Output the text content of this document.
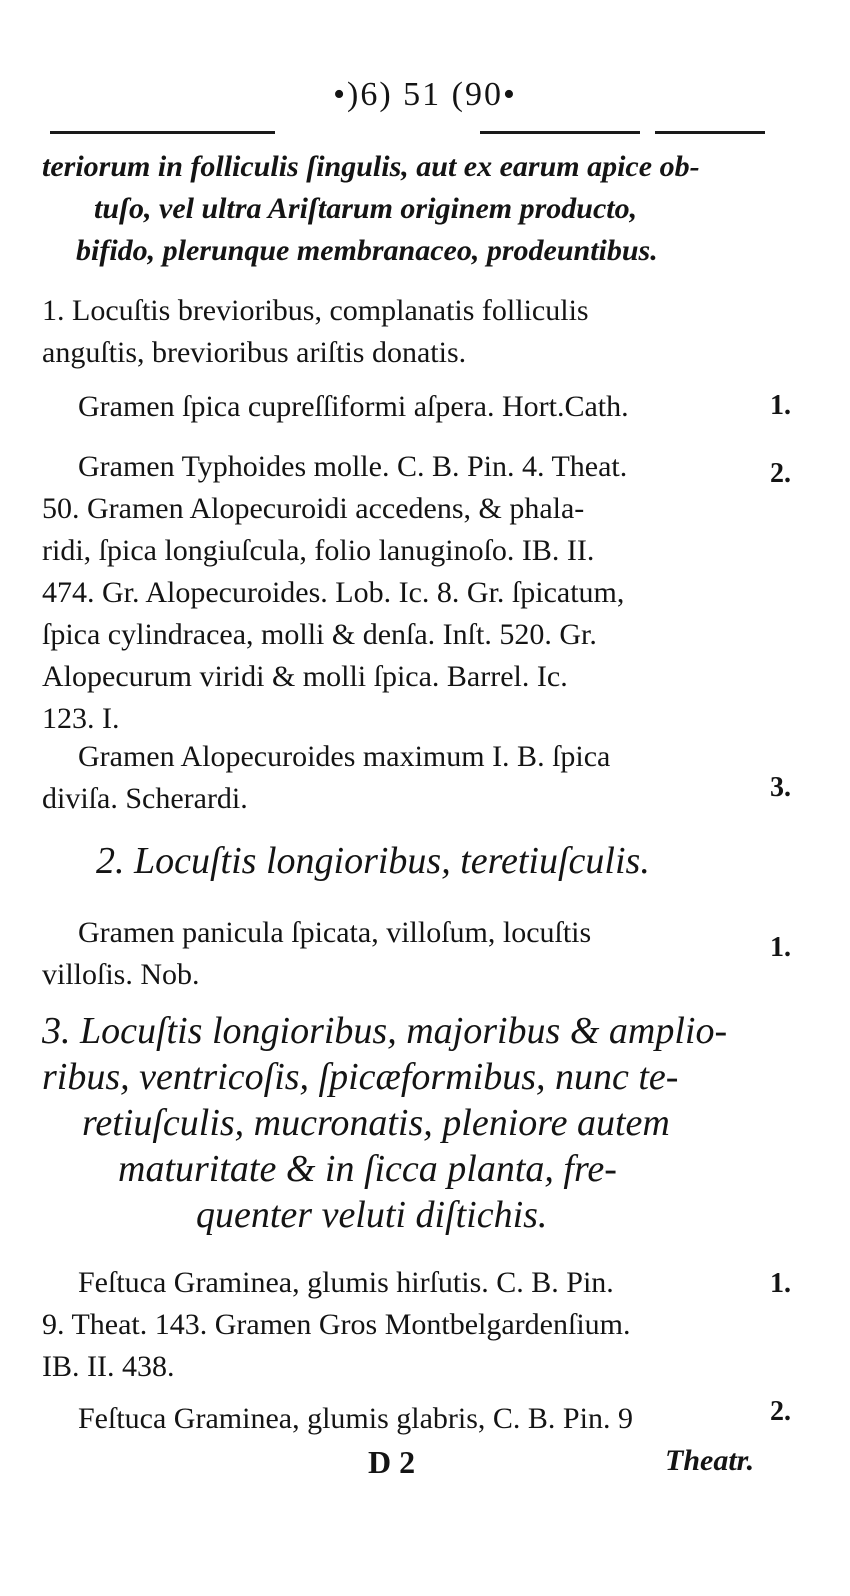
•)6) 51 (90•
teriorum in folliculis ſingulis, aut ex earum apice ob-
tuſo, vel ultra Ariſtarum originem producto,
bifido, plerunque membranaceo, prodeuntibus.
1. Locuſtis brevioribus, complanatis folliculis
anguſtis, brevioribus ariſtis donatis.
Gramen ſpica cupreſſiformi aſpera. Hort.Cath.	1.
Gramen Typhoides molle. C. B. Pin. 4. Theat.
50. Gramen Alopecuroidi accedens, & phala-
ridi, ſpica longiuſcula, folio lanuginoſo. IB. II.
474. Gr. Alopecuroides. Lob. Ic. 8. Gr. ſpicatum,
ſpica cylindracea, molli & denſa. Inſt. 520. Gr.
Alopecurum viridi & molli ſpica. Barrel. Ic.
123. I.
2.
Gramen Alopecuroides maximum I. B. ſpica
diviſa. Scherardi.	3.
2. Locuſtis longioribus, teretiuſculis.
Gramen panicula ſpicata, villoſum, locuſtis
villoſis. Nob.
1.
3. Locuſtis longioribus, majoribus & amplio-
ribus, ventricoſis, ſpicæformibus, nunc te-
retiuſculis, mucronatis, pleniore autem
maturitate & in ſicca planta, fre-
quenter veluti diſtichis.
Feſtuca Graminea, glumis hirſutis. C. B. Pin.
9. Theat. 143. Gramen Gros Montbelgardenſium.
IB. II. 438.
1.
Feſtuca Graminea, glumis glabris, C. B. Pin. 9	2.
D 2	Theatr.
